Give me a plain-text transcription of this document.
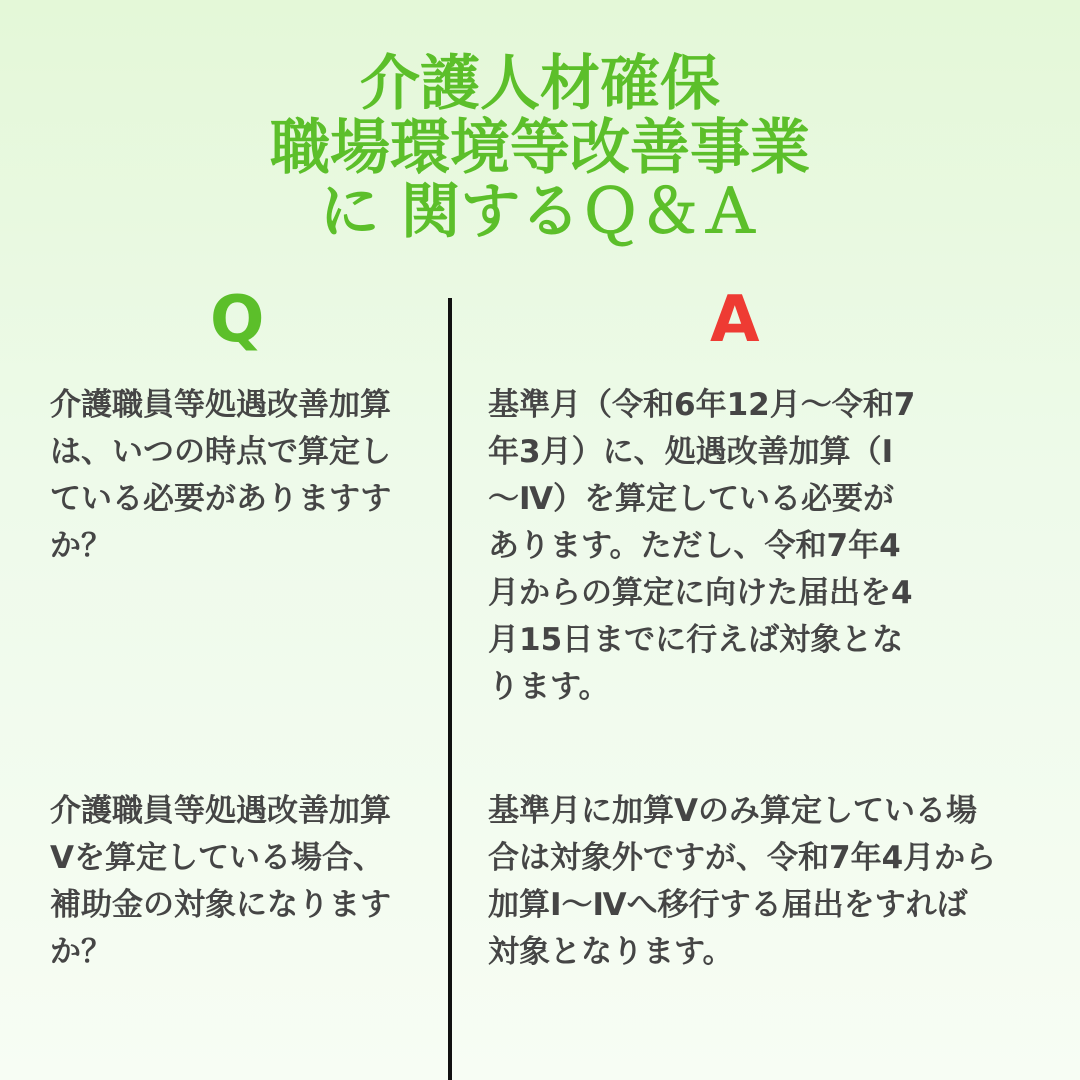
介護人材確保
職場環境等改善事業
に 関するＱ＆Ａ
Q	A
介護職員等処遇改善加算
は、いつの時点で算定し
ている必要がありますす
か？
基準月（令和6年12月〜令和7
年3月）に、処遇改善加算（Ⅰ
〜Ⅳ）を算定している必要が
あります。ただし、令和7年4
月からの算定に向けた届出を4
月15日までに行えば対象とな
ります。
介護職員等処遇改善加算
Ⅴを算定している場合、
補助金の対象になります
か？
基準月に加算Ⅴのみ算定している場
合は対象外ですが、令和7年4月から
加算Ⅰ〜Ⅳへ移行する届出をすれば
対象となります。
